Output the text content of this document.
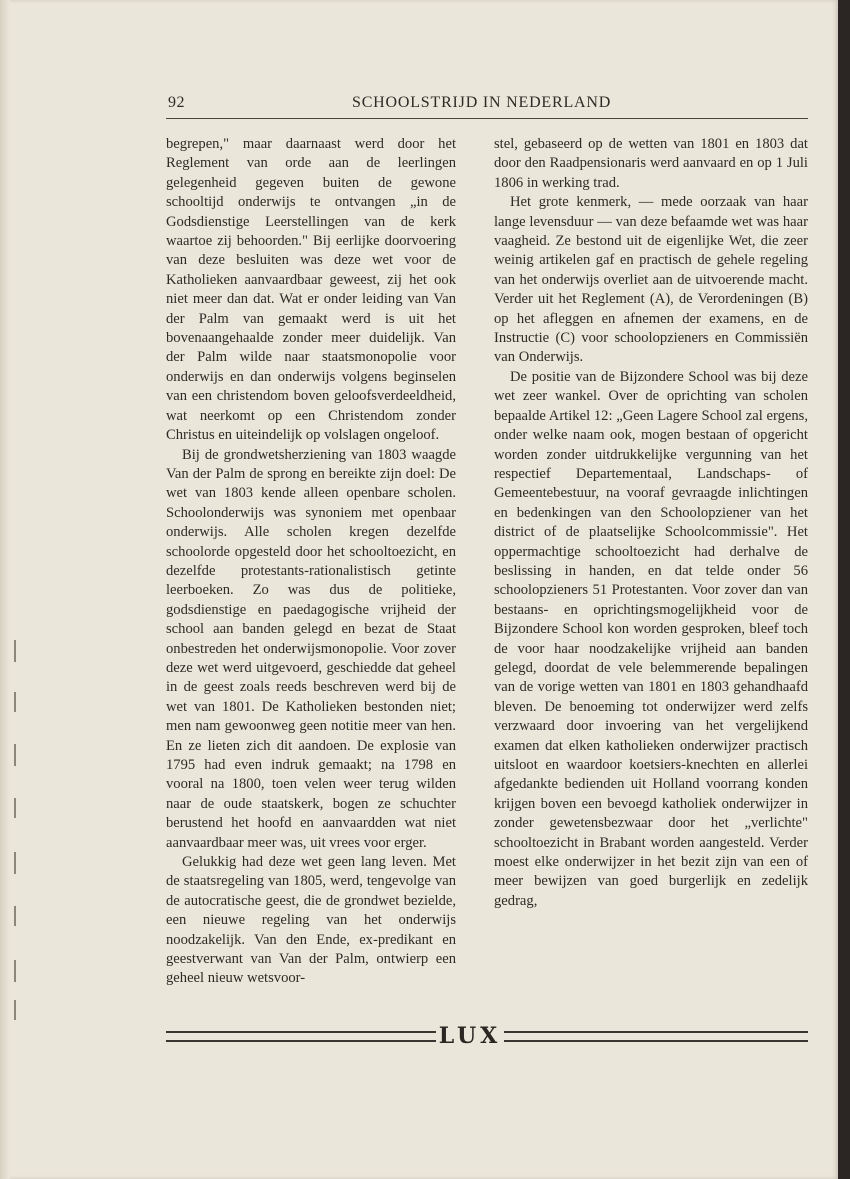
92	SCHOOLSTRIJD IN NEDERLAND

begrepen," maar daarnaast werd door het Reglement van orde aan de leerlingen gelegenheid gegeven buiten de gewone schooltijd onderwijs te ontvangen „in de Godsdienstige Leerstellingen van de kerk waartoe zij behoorden." Bij eerlijke doorvoering van deze besluiten was deze wet voor de Katholieken aanvaardbaar geweest, zij het ook niet meer dan dat. Wat er onder leiding van Van der Palm van gemaakt werd is uit het bovenaangehaalde zonder meer duidelijk. Van der Palm wilde naar staatsmonopolie voor onderwijs en dan onderwijs volgens beginselen van een christendom boven geloofsverdeeldheid, wat neerkomt op een Christendom zonder Christus en uiteindelijk op volslagen ongeloof.

Bij de grondwetsherziening van 1803 waagde Van der Palm de sprong en bereikte zijn doel: De wet van 1803 kende alleen openbare scholen. Schoolonderwijs was synoniem met openbaar onderwijs. Alle scholen kregen dezelfde schoolorde opgesteld door het schooltoezicht, en dezelfde protestants-rationalistisch getinte leerboeken. Zo was dus de politieke, godsdienstige en paedagogische vrijheid der school aan banden gelegd en bezat de Staat onbestreden het onderwijsmonopolie. Voor zover deze wet werd uitgevoerd, geschiedde dat geheel in de geest zoals reeds beschreven werd bij de wet van 1801. De Katholieken bestonden niet; men nam gewoonweg geen notitie meer van hen. En ze lieten zich dit aandoen. De explosie van 1795 had even indruk gemaakt; na 1798 en vooral na 1800, toen velen weer terug wilden naar de oude staatskerk, bogen ze schuchter berustend het hoofd en aanvaardden wat niet aanvaardbaar meer was, uit vrees voor erger.

Gelukkig had deze wet geen lang leven. Met de staatsregeling van 1805, werd, tengevolge van de autocratische geest, die de grondwet bezielde, een nieuwe regeling van het onderwijs noodzakelijk. Van den Ende, ex-predikant en geestverwant van Van der Palm, ontwierp een geheel nieuw wetsvoor-

stel, gebaseerd op de wetten van 1801 en 1803 dat door den Raadpensionaris werd aanvaard en op 1 Juli 1806 in werking trad.

Het grote kenmerk, — mede oorzaak van haar lange levensduur — van deze befaamde wet was haar vaagheid. Ze bestond uit de eigenlijke Wet, die zeer weinig artikelen gaf en practisch de gehele regeling van het onderwijs overliet aan de uitvoerende macht. Verder uit het Reglement (A), de Verordeningen (B) op het afleggen en afnemen der examens, en de Instructie (C) voor schoolopzieners en Commissiën van Onderwijs.

De positie van de Bijzondere School was bij deze wet zeer wankel. Over de oprichting van scholen bepaalde Artikel 12: „Geen Lagere School zal ergens, onder welke naam ook, mogen bestaan of opgericht worden zonder uitdrukkelijke vergunning van het respectief Departementaal, Landschaps- of Gemeentebestuur, na vooraf gevraagde inlichtingen en bedenkingen van den Schoolopziener van het district of de plaatselijke Schoolcommissie". Het oppermachtige schooltoezicht had derhalve de beslissing in handen, en dat telde onder 56 schoolopzieners 51 Protestanten. Voor zover dan van bestaans- en oprichtingsmogelijkheid voor de Bijzondere School kon worden gesproken, bleef toch de voor haar noodzakelijke vrijheid aan banden gelegd, doordat de vele belemmerende bepalingen van de vorige wetten van 1801 en 1803 gehandhaafd bleven. De benoeming tot onderwijzer werd zelfs verzwaard door invoering van het vergelijkend examen dat elken katholieken onderwijzer practisch uitsloot en waardoor koetsiers-knechten en allerlei afgedankte bedienden uit Holland voorrang konden krijgen boven een bevoegd katholiek onderwijzer in zonder gewetensbezwaar door het „verlichte" schooltoezicht in Brabant worden aangesteld. Verder moest elke onderwijzer in het bezit zijn van een of meer bewijzen van goed burgerlijk en zedelijk gedrag,

LUX
